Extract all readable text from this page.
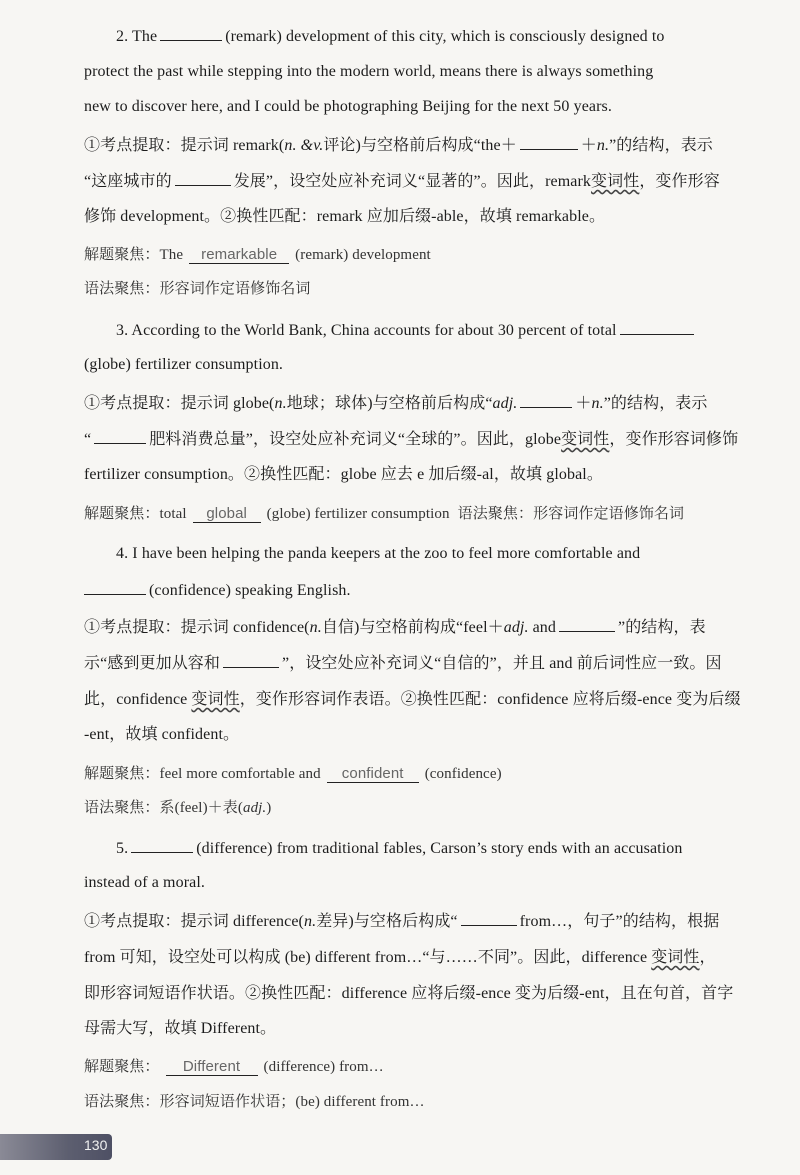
2. The	(remark) development of this city, which is consciously designed to
protect the past while stepping into the modern world, means there is always something
new to discover here, and I could be photographing Beijing for the next 50 years.
①考点提取：提示词 remark(n. &v.评论)与空格前后构成“the＋	＋n.”的结构，表示
“这座城市的	发展”，设空处应补充词义“显著的”。因此，remark变词性，变作形容
修饰 development。②换性匹配：remark 应加后缀-able，故填 remarkable。
解题聚焦：The remarkable (remark) development
语法聚焦：形容词作定语修饰名词
3. According to the World Bank, China accounts for about 30 percent of total
(globe) fertilizer consumption.
①考点提取：提示词 globe(n.地球；球体)与空格前后构成“adj.	＋n.”的结构，表示
“	肥料消费总量”，设空处应补充词义“全球的”。因此，globe变词性，变作形容词修饰
fertilizer consumption。②换性匹配：globe 应去 e 加后缀-al，故填 global。
解题聚焦：total global (globe) fertilizer consumption 语法聚焦：形容词作定语修饰名词
4. I have been helping the panda keepers at the zoo to feel more comfortable and
(confidence) speaking English.
①考点提取：提示词 confidence(n.自信)与空格前构成“feel＋adj. and	”的结构，表
示“感到更加从容和	”，设空处应补充词义“自信的”，并且 and 前后词性应一致。因
此，confidence 变词性，变作形容词作表语。②换性匹配：confidence 应将后缀-ence 变为后缀
-ent，故填 confident。
解题聚焦：feel more comfortable and confident (confidence)
语法聚焦：系(feel)＋表(adj.)
5.	(difference) from traditional fables, Carson’s story ends with an accusation
instead of a moral.
①考点提取：提示词 difference(n.差异)与空格后构成“	from…，句子”的结构，根据
from 可知，设空处可以构成 (be) different from…“与……不同”。因此，difference 变词性，
即形容词短语作状语。②换性匹配：difference 应将后缀-ence 变为后缀-ent，且在句首，首字
母需大写，故填 Different。
解题聚焦： Different (difference) from…
语法聚焦：形容词短语作状语；(be) different from…
130
